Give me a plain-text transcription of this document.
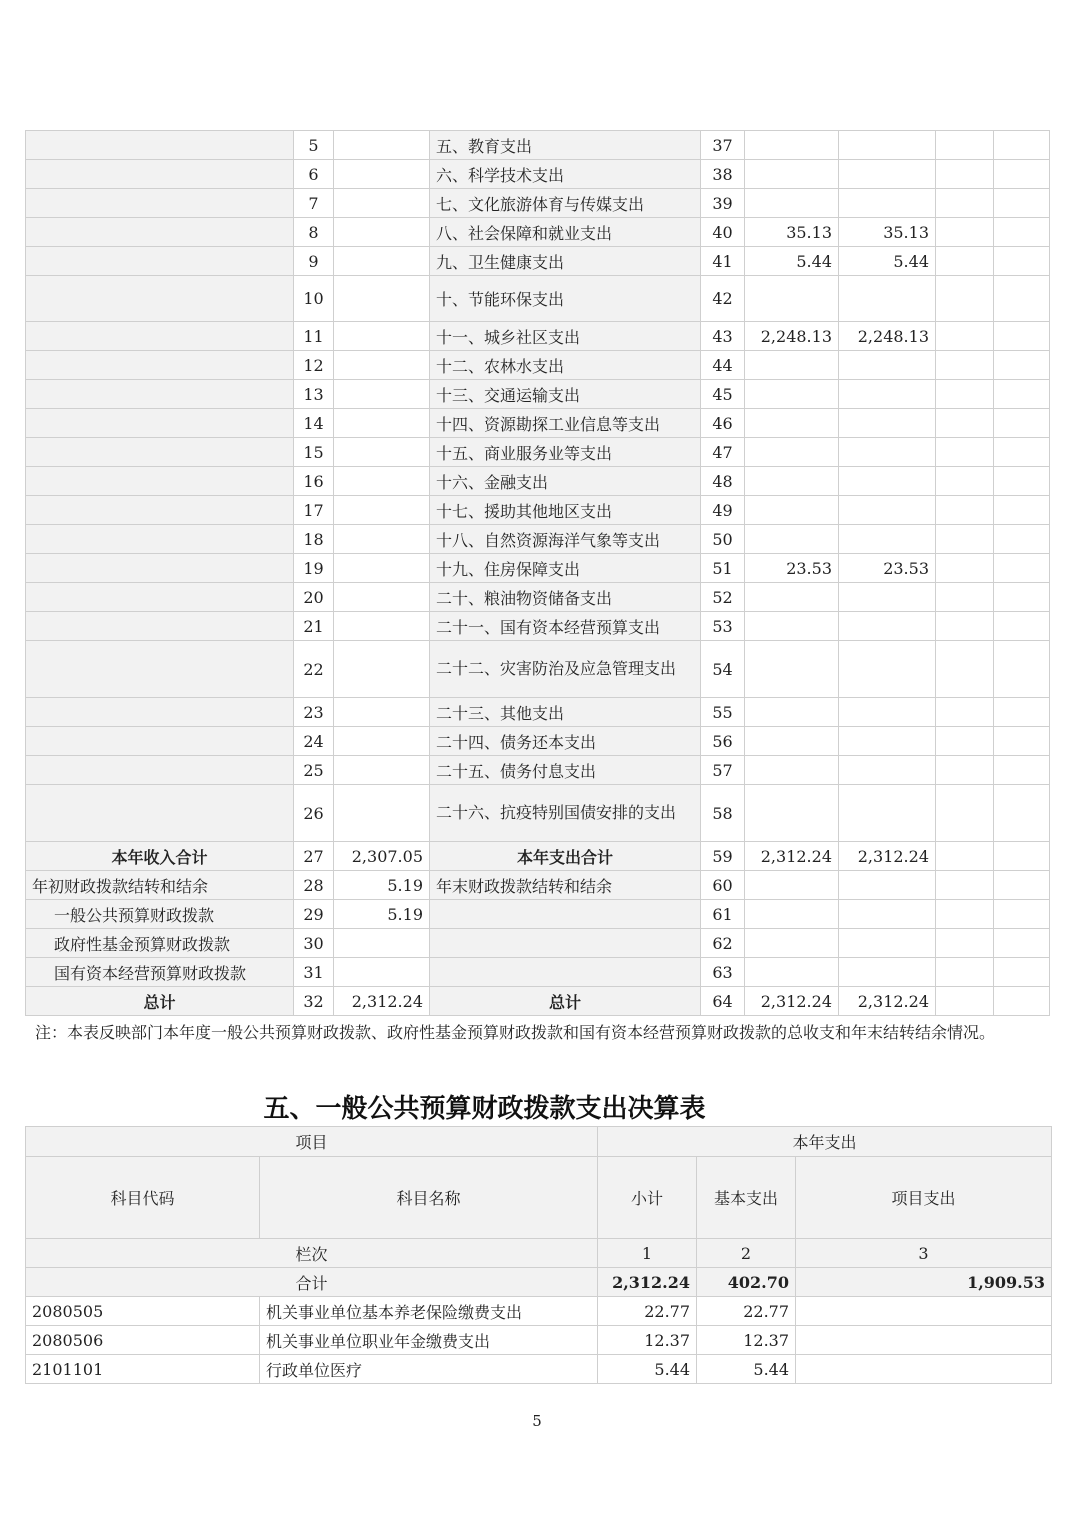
	5		五、教育支出	37				
	6		六、科学技术支出	38				
	7		七、文化旅游体育与传媒支出	39				
	8		八、社会保障和就业支出	40	35.13	35.13		
	9		九、卫生健康支出	41	5.44	5.44		
	10		十、节能环保支出	42				
	11		十一、城乡社区支出	43	2,248.13	2,248.13		
	12		十二、农林水支出	44				
	13		十三、交通运输支出	45				
	14		十四、资源勘探工业信息等支出	46				
	15		十五、商业服务业等支出	47				
	16		十六、金融支出	48				
	17		十七、援助其他地区支出	49				
	18		十八、自然资源海洋气象等支出	50				
	19		十九、住房保障支出	51	23.53	23.53		
	20		二十、粮油物资储备支出	52				
	21		二十一、国有资本经营预算支出	53				
	22		二十二、灾害防治及应急管理支出	54				
	23		二十三、其他支出	55				
	24		二十四、债务还本支出	56				
	25		二十五、债务付息支出	57				
	26		二十六、抗疫特别国债安排的支出	58				
本年收入合计	27	2,307.05	本年支出合计	59	2,312.24	2,312.24		
年初财政拨款结转和结余	28	5.19	年末财政拨款结转和结余	60				
一般公共预算财政拨款	29	5.19		61				
政府性基金预算财政拨款	30			62				
国有资本经营预算财政拨款	31			63				
总计	32	2,312.24	总计	64	2,312.24	2,312.24		
注：本表反映部门本年度一般公共预算财政拨款、政府性基金预算财政拨款和国有资本经营预算财政拨款的总收支和年末结转结余情况。
五、一般公共预算财政拨款支出决算表
项目		本年支出		
科目代码	科目名称	小计	基本支出	项目支出
栏次		1	2	3
合计		2,312.24	402.70	1,909.53
2080505	机关事业单位基本养老保险缴费支出	22.77	22.77	
2080506	机关事业单位职业年金缴费支出	12.37	12.37	
2101101	行政单位医疗	5.44	5.44	
5
